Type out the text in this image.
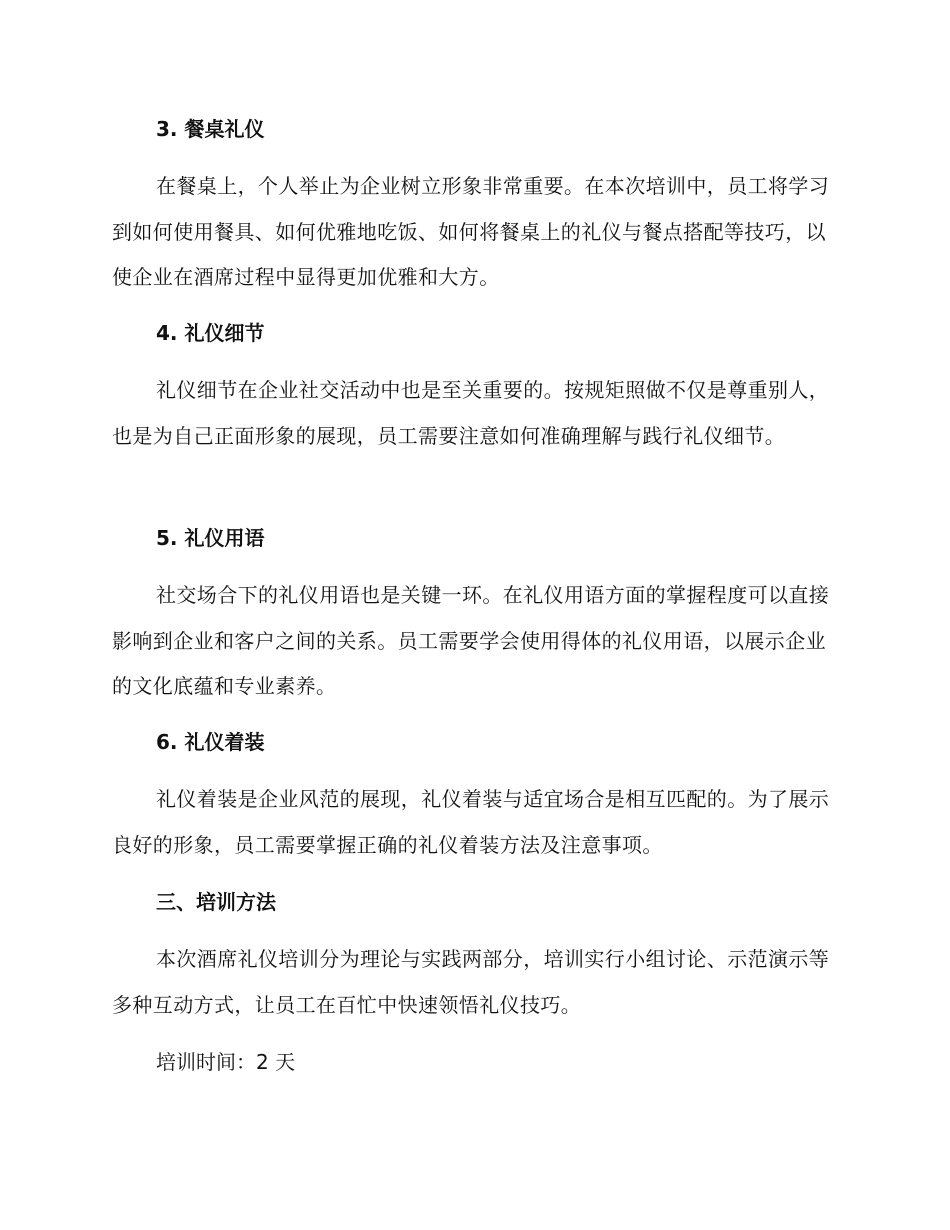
3. 餐桌礼仪

在餐桌上，个人举止为企业树立形象非常重要。在本次培训中，员工将学习到如何使用餐具、如何优雅地吃饭、如何将餐桌上的礼仪与餐点搭配等技巧，以使企业在酒席过程中显得更加优雅和大方。

4. 礼仪细节

礼仪细节在企业社交活动中也是至关重要的。按规矩照做不仅是尊重别人，也是为自己正面形象的展现，员工需要注意如何准确理解与践行礼仪细节。

5. 礼仪用语

社交场合下的礼仪用语也是关键一环。在礼仪用语方面的掌握程度可以直接影响到企业和客户之间的关系。员工需要学会使用得体的礼仪用语，以展示企业的文化底蕴和专业素养。

6. 礼仪着装

礼仪着装是企业风范的展现，礼仪着装与适宜场合是相互匹配的。为了展示良好的形象，员工需要掌握正确的礼仪着装方法及注意事项。

三、培训方法

本次酒席礼仪培训分为理论与实践两部分，培训实行小组讨论、示范演示等多种互动方式，让员工在百忙中快速领悟礼仪技巧。

培训时间：2 天
